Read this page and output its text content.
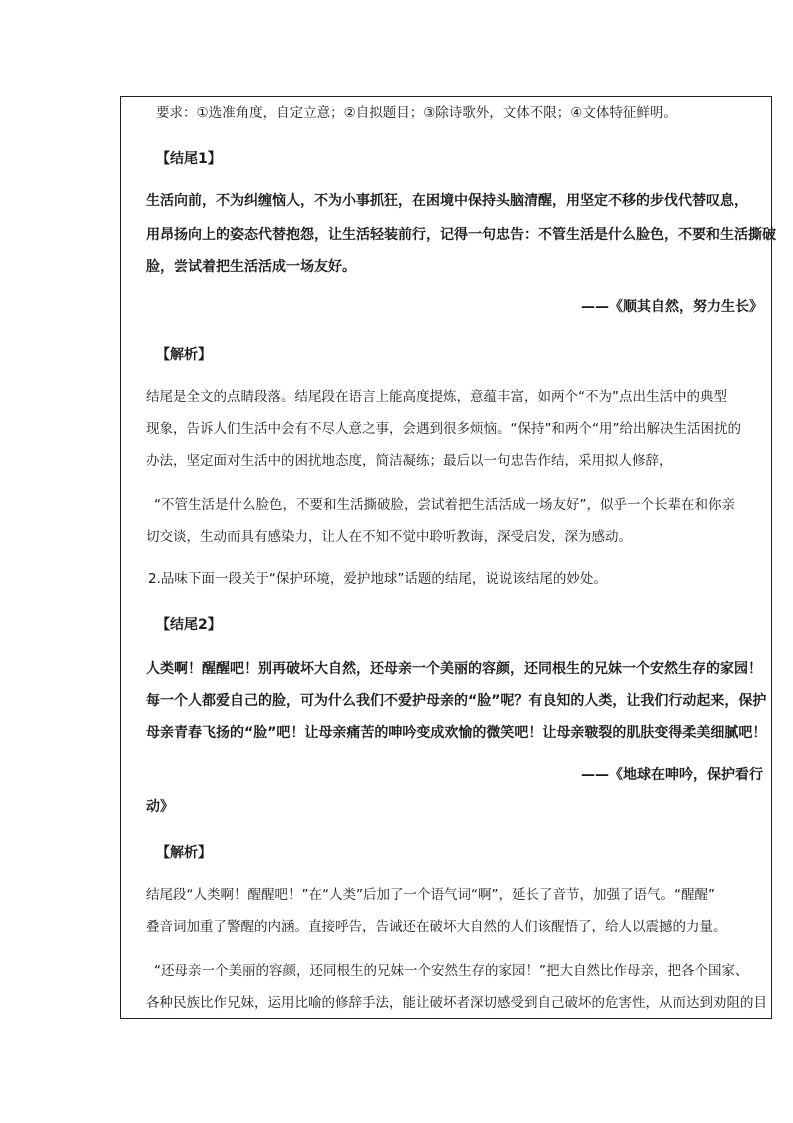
要求：①选准角度，自定立意；②自拟题目；③除诗歌外，文体不限；④文体特征鲜明。
【结尾1】
生活向前，不为纠缠恼人，不为小事抓狂，在困境中保持头脑清醒，用坚定不移的步伐代替叹息，
用昂扬向上的姿态代替抱怨，让生活轻装前行，记得一句忠告：不管生活是什么脸色，不要和生活撕破
脸，尝试着把生活活成一场友好。
——《顺其自然，努力生长》
【解析】
结尾是全文的点睛段落。结尾段在语言上能高度提炼，意蕴丰富，如两个“不为”点出生活中的典型
现象，告诉人们生活中会有不尽人意之事，会遇到很多烦恼。“保持”和两个“用”给出解决生活困扰的
办法，坚定面对生活中的困扰地态度，简洁凝练；最后以一句忠告作结，采用拟人修辞，
“不管生活是什么脸色，不要和生活撕破脸，尝试着把生活活成一场友好”，似乎一个长辈在和你亲
切交谈，生动而具有感染力，让人在不知不觉中聆听教诲，深受启发，深为感动。
2.品味下面一段关于“保护环境，爱护地球”话题的结尾，说说该结尾的妙处。
【结尾2】
人类啊！醒醒吧！别再破坏大自然，还母亲一个美丽的容颜，还同根生的兄妹一个安然生存的家园！
每一个人都爱自己的脸，可为什么我们不爱护母亲的“脸”呢？有良知的人类，让我们行动起来，保护
母亲青春飞扬的“脸”吧！让母亲痛苦的呻吟变成欢愉的微笑吧！让母亲皲裂的肌肤变得柔美细腻吧！
——《地球在呻吟，保护看行
动》
【解析】
结尾段“人类啊！醒醒吧！”在“人类”后加了一个语气词“啊”，延长了音节，加强了语气。“醒醒”
叠音词加重了警醒的内涵。直接呼告，告诫还在破坏大自然的人们该醒悟了，给人以震撼的力量。
“还母亲一个美丽的容颜，还同根生的兄妹一个安然生存的家园！”把大自然比作母亲，把各个国家、
各种民族比作兄妹，运用比喻的修辞手法，能让破坏者深切感受到自己破坏的危害性，从而达到劝阻的目
